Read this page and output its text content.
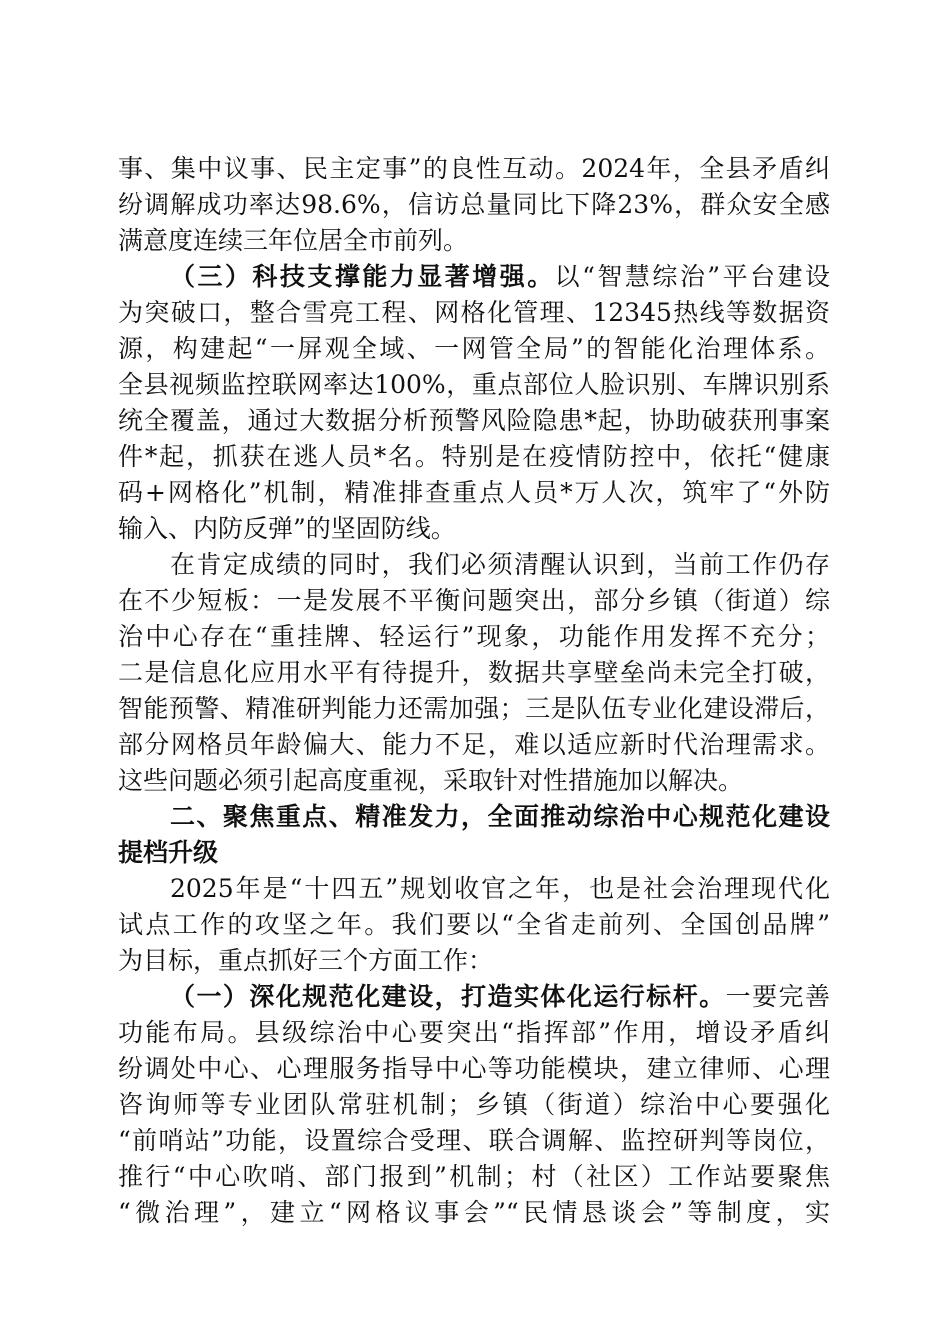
事、集中议事、民主定事”的良性互动。2024年，全县矛盾纠
纷调解成功率达98.6%，信访总量同比下降23%，群众安全感
满意度连续三年位居全市前列。
（三）科技支撑能力显著增强。以“智慧综治”平台建设
为突破口，整合雪亮工程、网格化管理、12345热线等数据资
源，构建起“一屏观全域、一网管全局”的智能化治理体系。
全县视频监控联网率达100%，重点部位人脸识别、车牌识别系
统全覆盖，通过大数据分析预警风险隐患*起，协助破获刑事案
件*起，抓获在逃人员*名。特别是在疫情防控中，依托“健康
码+网格化”机制，精准排查重点人员*万人次，筑牢了“外防
输入、内防反弹”的坚固防线。
在肯定成绩的同时，我们必须清醒认识到，当前工作仍存
在不少短板：一是发展不平衡问题突出，部分乡镇（街道）综
治中心存在“重挂牌、轻运行”现象，功能作用发挥不充分；
二是信息化应用水平有待提升，数据共享壁垒尚未完全打破，
智能预警、精准研判能力还需加强；三是队伍专业化建设滞后，
部分网格员年龄偏大、能力不足，难以适应新时代治理需求。
这些问题必须引起高度重视，采取针对性措施加以解决。
二、聚焦重点、精准发力，全面推动综治中心规范化建设
提档升级
2025年是“十四五”规划收官之年，也是社会治理现代化
试点工作的攻坚之年。我们要以“全省走前列、全国创品牌”
为目标，重点抓好三个方面工作：
（一）深化规范化建设，打造实体化运行标杆。一要完善
功能布局。县级综治中心要突出“指挥部”作用，增设矛盾纠
纷调处中心、心理服务指导中心等功能模块，建立律师、心理
咨询师等专业团队常驻机制；乡镇（街道）综治中心要强化
“前哨站”功能，设置综合受理、联合调解、监控研判等岗位，
推行“中心吹哨、部门报到”机制；村（社区）工作站要聚焦
“微治理”，建立“网格议事会”“民情恳谈会”等制度，实
